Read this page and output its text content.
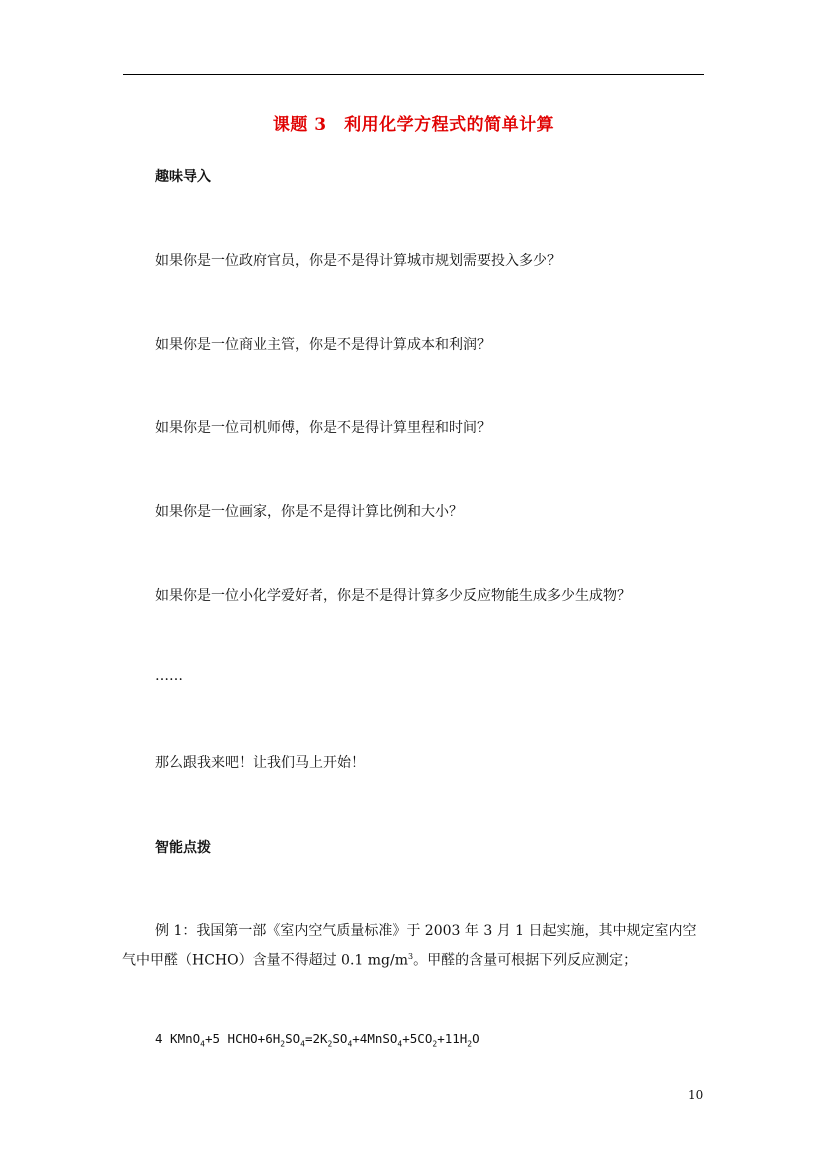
课题 3　利用化学方程式的简单计算
趣味导入
如果你是一位政府官员，你是不是得计算城市规划需要投入多少？
如果你是一位商业主管，你是不是得计算成本和利润？
如果你是一位司机师傅，你是不是得计算里程和时间？
如果你是一位画家，你是不是得计算比例和大小？
如果你是一位小化学爱好者，你是不是得计算多少反应物能生成多少生成物？
……
那么跟我来吧！让我们马上开始！
智能点拨
例 1：我国第一部《室内空气质量标准》于 2003 年 3 月 1 日起实施，其中规定室内空气中甲醛（HCHO）含量不得超过 0.1 $mg/m^3$。甲醛的含量可根据下列反应测定；
4 KMnO$_4$+5 $HCHO+6H_2SO_4=2K_2SO_4+4MnSO_4+5CO_2+11H_2O$
10
